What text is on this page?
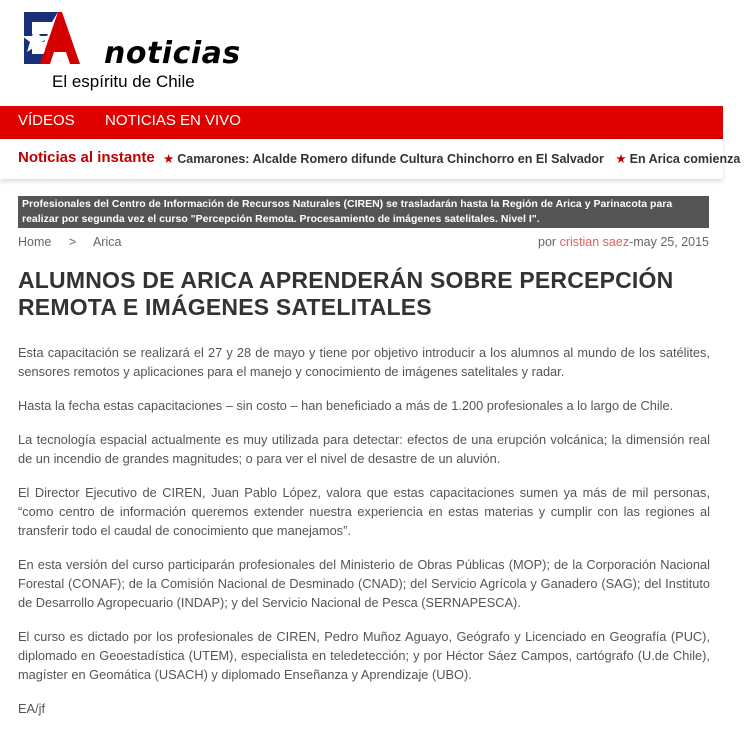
noticias
El espíritu de Chile
VÍDEOS NOTICIAS EN VIVO
Noticias al instante ★ Camarones: Alcalde Romero difunde Cultura Chinchorro en El Salvador ★ En Arica comienza
Profesionales del Centro de Información de Recursos Naturales (CIREN) se trasladarán hasta la Región de Arica y Parinacota para realizar por segunda vez el curso "Percepción Remota. Procesamiento de imágenes satelitales. Nivel I".
Home > Arica	por cristian saez-may 25, 2015
ALUMNOS DE ARICA APRENDERÁN SOBRE PERCEPCIÓN REMOTA E IMÁGENES SATELITALES

Esta capacitación se realizará el 27 y 28 de mayo y tiene por objetivo introducir a los alumnos al mundo de los satélites, sensores remotos y aplicaciones para el manejo y conocimiento de imágenes satelitales y radar.

Hasta la fecha estas capacitaciones – sin costo – han beneficiado a más de 1.200 profesionales a lo largo de Chile.

La tecnología espacial actualmente es muy utilizada para detectar: efectos de una erupción volcánica; la dimensión real de un incendio de grandes magnitudes; o para ver el nivel de desastre de un aluvión.

El Director Ejecutivo de CIREN, Juan Pablo López, valora que estas capacitaciones sumen ya más de mil personas, “como centro de información queremos extender nuestra experiencia en estas materias y cumplir con las regiones al transferir todo el caudal de conocimiento que manejamos”.

En esta versión del curso participarán profesionales del Ministerio de Obras Públicas (MOP); de la Corporación Nacional Forestal (CONAF); de la Comisión Nacional de Desminado (CNAD); del Servicio Agrícola y Ganadero (SAG); del Instituto de Desarrollo Agropecuario (INDAP); y del Servicio Nacional de Pesca (SERNAPESCA).

El curso es dictado por los profesionales de CIREN, Pedro Muñoz Aguayo, Geógrafo y Licenciado en Geografía (PUC), diplomado en Geoestadística (UTEM), especialista en teledetección; y por Héctor Sáez Campos, cartógrafo (U.de Chile), magíster en Geomática (USACH) y diplomado Enseñanza y Aprendizaje (UBO).

EA/jf
